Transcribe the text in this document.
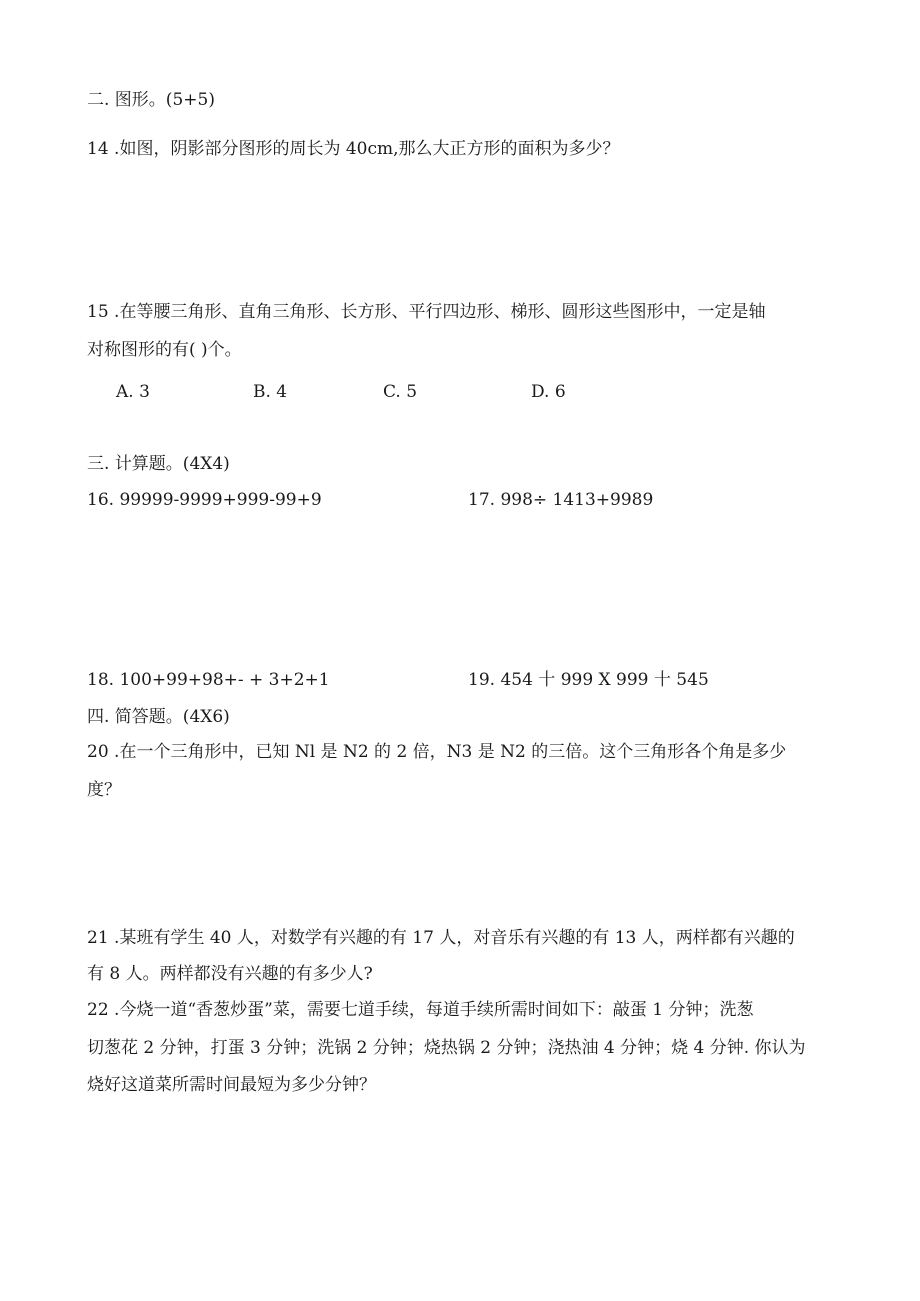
二. 图形。(5+5)
14 .如图，阴影部分图形的周长为 40cm,那么大正方形的面积为多少？
15 .在等腰三角形、直角三角形、长方形、平行四边形、梯形、圆形这些图形中，一定是轴
对称图形的有( )个。
A. 3	B. 4	C. 5	D. 6
三. 计算题。(4X4)
16. 99999-9999+999-99+9	17. 998÷ 1413+9989
18. 100+99+98+- + 3+2+1	19. 454 十 999 X 999 十 545
四. 简答题。(4X6)
20 .在一个三角形中，已知 Nl 是 N2 的 2 倍，N3 是 N2 的三倍。这个三角形各个角是多少
度？
21 .某班有学生 40 人，对数学有兴趣的有 17 人，对音乐有兴趣的有 13 人，两样都有兴趣的
有 8 人。两样都没有兴趣的有多少人?
22 .今烧一道“香葱炒蛋”菜，需要七道手续，每道手续所需时间如下：敲蛋 1 分钟；洗葱
切葱花 2 分钟，打蛋 3 分钟；洗锅 2 分钟；烧热锅 2 分钟；浇热油 4 分钟；烧 4 分钟. 你认为
烧好这道菜所需时间最短为多少分钟？
